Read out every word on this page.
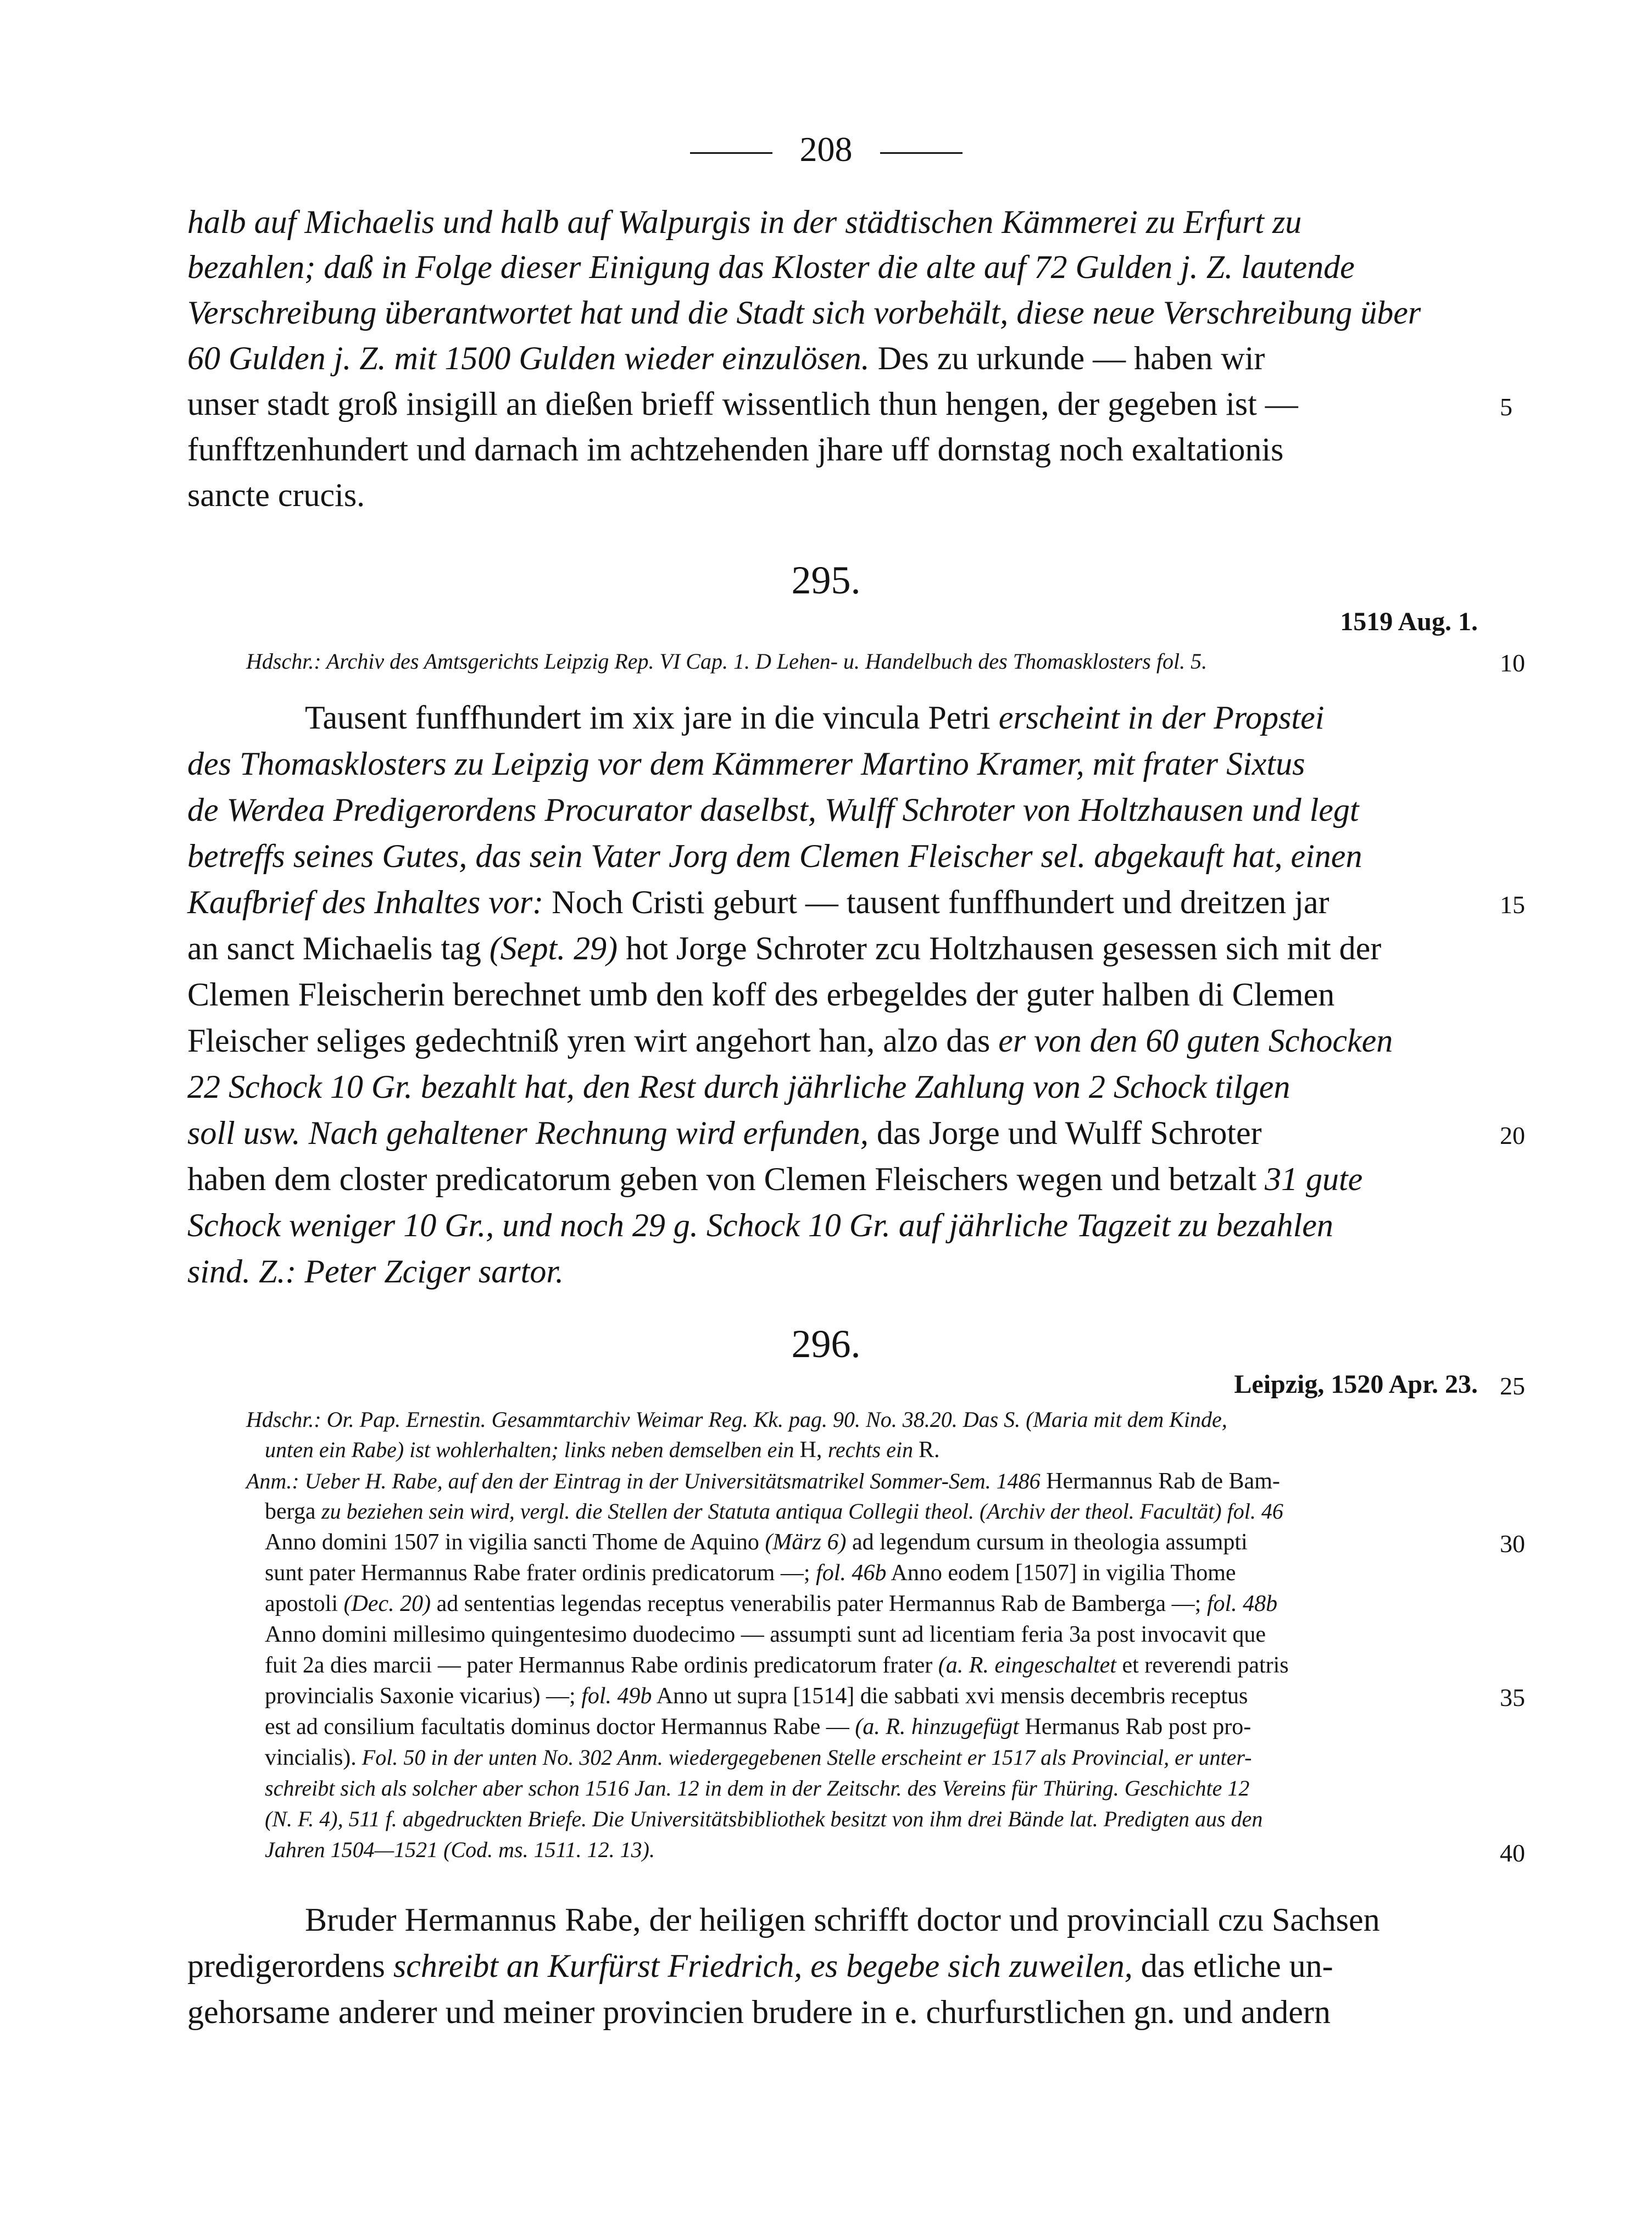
208
halb auf Michaelis und halb auf Walpurgis in der städtischen Kämmerei zu Erfurt zu
bezahlen; daß in Folge dieser Einigung das Kloster die alte auf 72 Gulden j. Z. lautende
Verschreibung überantwortet hat und die Stadt sich vorbehält, diese neue Verschreibung über
60 Gulden j. Z. mit 1500 Gulden wieder einzulösen. Des zu urkunde — haben wir
unser stadt groß insigill an dießen brieff wissentlich thun hengen, der gegeben ist —
funfftzenhundert und darnach im achtzehenden jhare uff dornstag noch exaltationis
sancte crucis.
5
295.
1519 Aug. 1.
Hdschr.: Archiv des Amtsgerichts Leipzig Rep. VI Cap. 1. D Lehen- u. Handelbuch des Thomasklosters fol. 5.	10
Tausent funffhundert im xix jare in die vincula Petri erscheint in der Propstei
des Thomasklosters zu Leipzig vor dem Kämmerer Martino Kramer, mit frater Sixtus
de Werdea Predigerordens Procurator daselbst, Wulff Schroter von Holtzhausen und legt
betreffs seines Gutes, das sein Vater Jorg dem Clemen Fleischer sel. abgekauft hat, einen
Kaufbrief des Inhaltes vor: Noch Cristi geburt — tausent funffhundert und dreitzen jar
an sanct Michaelis tag (Sept. 29) hot Jorge Schroter zcu Holtzhausen gesessen sich mit der
Clemen Fleischerin berechnet umb den koff des erbegeldes der guter halben di Clemen
Fleischer seliges gedechtniß yren wirt angehort han, alzo das er von den 60 guten Schocken
22 Schock 10 Gr. bezahlt hat, den Rest durch jährliche Zahlung von 2 Schock tilgen
soll usw. Nach gehaltener Rechnung wird erfunden, das Jorge und Wulff Schroter
haben dem closter predicatorum geben von Clemen Fleischers wegen und betzalt 31 gute
Schock weniger 10 Gr., und noch 29 g. Schock 10 Gr. auf jährliche Tagzeit zu bezahlen
sind. Z.: Peter Zciger sartor.
15
20
296.
Leipzig, 1520 Apr. 23. 25
Hdschr.: Or. Pap. Ernestin. Gesammtarchiv Weimar Reg. Kk. pag. 90. No. 38.20. Das S. (Maria mit dem Kinde,
unten ein Rabe) ist wohlerhalten; links neben demselben ein H, rechts ein R.
Anm.: Ueber H. Rabe, auf den der Eintrag in der Universitätsmatrikel Sommer-Sem. 1486 Hermannus Rab de Bam-
berga zu beziehen sein wird, vergl. die Stellen der Statuta antiqua Collegii theol. (Archiv der theol. Facultät) fol. 46
Anno domini 1507 in vigilia sancti Thome de Aquino (März 6) ad legendum cursum in theologia assumpti
sunt pater Hermannus Rabe frater ordinis predicatorum —; fol. 46b Anno eodem [1507] in vigilia Thome
apostoli (Dec. 20) ad sententias legendas receptus venerabilis pater Hermannus Rab de Bamberga —; fol. 48b
Anno domini millesimo quingentesimo duodecimo — assumpti sunt ad licentiam feria 3a post invocavit que
fuit 2a dies marcii — pater Hermannus Rabe ordinis predicatorum frater (a. R. eingeschaltet et reverendi patris
provincialis Saxonie vicarius) —; fol. 49b Anno ut supra [1514] die sabbati xvi mensis decembris receptus
est ad consilium facultatis dominus doctor Hermannus Rabe — (a. R. hinzugefügt Hermanus Rab post pro-
vincialis). Fol. 50 in der unten No. 302 Anm. wiedergegebenen Stelle erscheint er 1517 als Provincial, er unter-
schreibt sich als solcher aber schon 1516 Jan. 12 in dem in der Zeitschr. des Vereins für Thüring. Geschichte 12
(N. F. 4), 511 f. abgedruckten Briefe. Die Universitätsbibliothek besitzt von ihm drei Bände lat. Predigten aus den
Jahren 1504—1521 (Cod. ms. 1511. 12. 13).
30
35
40
Bruder Hermannus Rabe, der heiligen schrifft doctor und provinciall czu Sachsen
predigerordens schreibt an Kurfürst Friedrich, es begebe sich zuweilen, das etliche un-
gehorsame anderer und meiner provincien brudere in e. churfurstlichen gn. und andern
